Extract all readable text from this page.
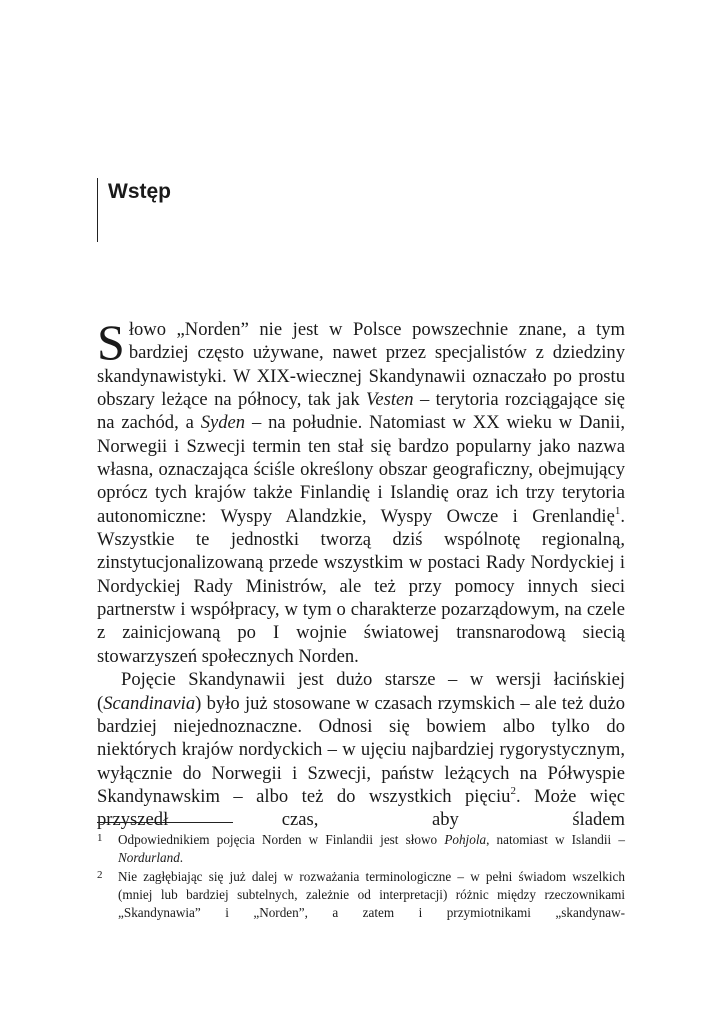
Wstęp

Słowo „Norden” nie jest w Polsce powszechnie znane, a tym bardziej często używane, nawet przez specjalistów z dziedziny skandynawistyki. W XIX-wiecznej Skandynawii oznaczało po prostu obszary leżące na północy, tak jak Vesten – terytoria rozciągające się na zachód, a Syden – na południe. Natomiast w XX wieku w Danii, Norwegii i Szwecji termin ten stał się bardzo popularny jako nazwa własna, oznaczająca ściśle określony obszar geograficzny, obejmujący oprócz tych krajów także Finlandię i Islandię oraz ich trzy terytoria autonomiczne: Wyspy Alandzkie, Wyspy Owcze i Grenlandię$^1$. Wszystkie te jednostki tworzą dziś wspólnotę regionalną, zinstytucjonalizowaną przede wszystkim w postaci Rady Nordyckiej i Nordyckiej Rady Ministrów, ale też przy pomocy innych sieci partnerstw i współpracy, w tym o charakterze pozarządowym, na czele z zainicjowaną po I wojnie światowej transnarodową siecią stowarzyszeń społecznych Norden.

Pojęcie Skandynawii jest dużo starsze – w wersji łacińskiej (Scandinavia) było już stosowane w czasach rzymskich – ale też dużo bardziej niejednoznaczne. Odnosi się bowiem albo tylko do niektórych krajów nordyckich – w ujęciu najbardziej rygorystycznym, wyłącznie do Norwegii i Szwecji, państw leżących na Półwyspie Skandynawskim – albo też do wszystkich pięciu$^2$. Może więc przyszedł czas, aby śladem

1 Odpowiednikiem pojęcia Norden w Finlandii jest słowo Pohjola, natomiast w Islandii – Nordurland.

2 Nie zagłębiając się już dalej w rozważania terminologiczne – w pełni świadom wszelkich (mniej lub bardziej subtelnych, zależnie od interpretacji) różnic między rzeczownikami „Skandynawia” i „Norden”, a zatem i przymiotnikami „skandynaw-
